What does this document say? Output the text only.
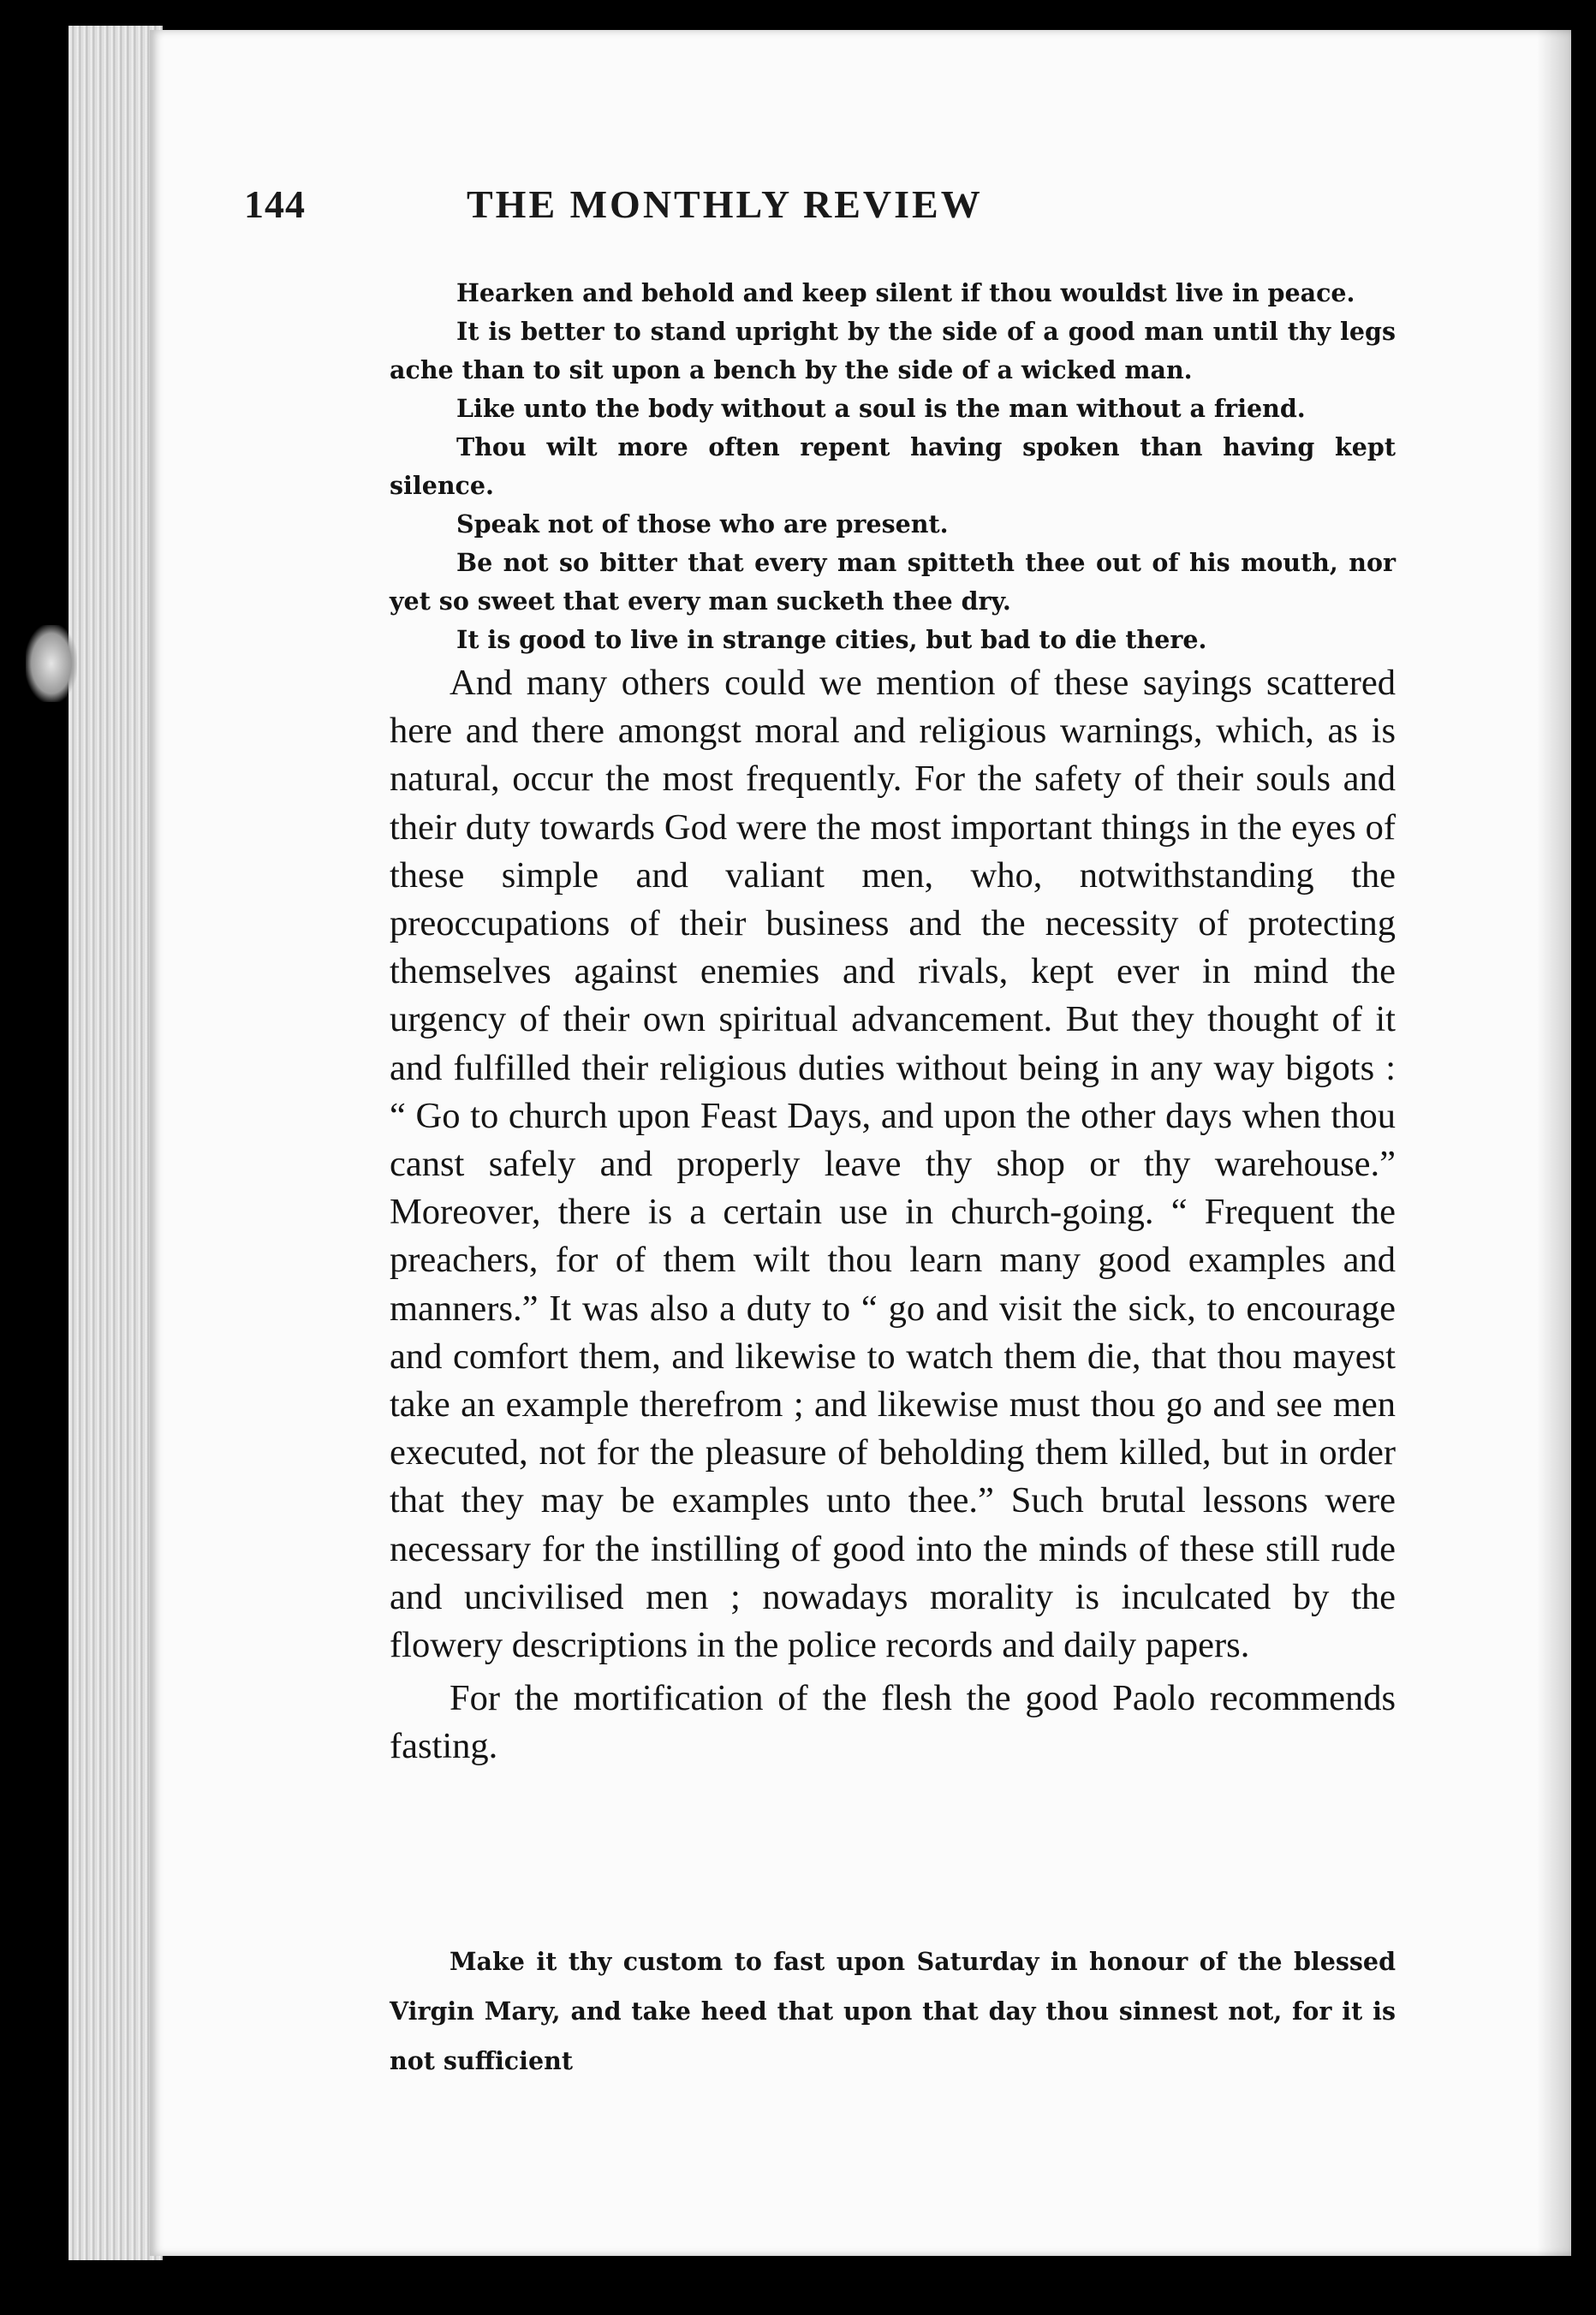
144	THE MONTHLY REVIEW

Hearken and behold and keep silent if thou wouldst live in peace.

It is better to stand upright by the side of a good man until thy legs ache than to sit upon a bench by the side of a wicked man.

Like unto the body without a soul is the man without a friend.

Thou wilt more often repent having spoken than having kept silence.

Speak not of those who are present.

Be not so bitter that every man spitteth thee out of his mouth, nor yet so sweet that every man sucketh thee dry.

It is good to live in strange cities, but bad to die there.

And many others could we mention of these sayings scattered here and there amongst moral and religious warnings, which, as is natural, occur the most frequently. For the safety of their souls and their duty towards God were the most important things in the eyes of these simple and valiant men, who, notwithstanding the preoccupations of their business and the necessity of protecting themselves against enemies and rivals, kept ever in mind the urgency of their own spiritual advancement. But they thought of it and fulfilled their religious duties without being in any way bigots : “ Go to church upon Feast Days, and upon the other days when thou canst safely and properly leave thy shop or thy warehouse.” Moreover, there is a certain use in church-going. “ Frequent the preachers, for of them wilt thou learn many good examples and manners.” It was also a duty to “ go and visit the sick, to encourage and comfort them, and likewise to watch them die, that thou mayest take an example therefrom ; and likewise must thou go and see men executed, not for the pleasure of beholding them killed, but in order that they may be examples unto thee.” Such brutal lessons were necessary for the instilling of good into the minds of these still rude and uncivilised men ; nowadays morality is inculcated by the flowery descriptions in the police records and daily papers.

For the mortification of the flesh the good Paolo recommends fasting.

Make it thy custom to fast upon Saturday in honour of the blessed Virgin Mary, and take heed that upon that day thou sinnest not, for it is not sufficient
